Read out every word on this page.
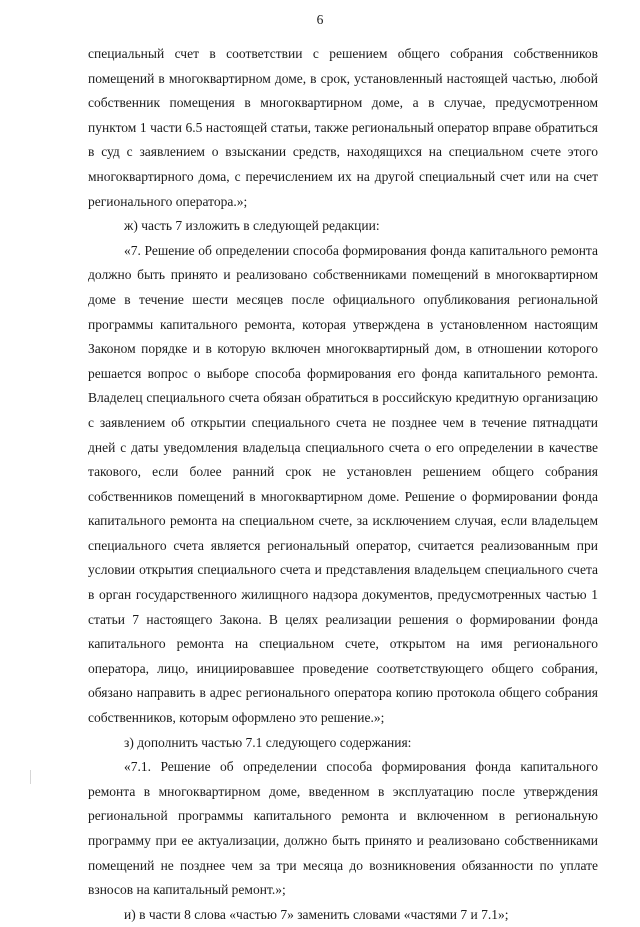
6

специальный счет в соответствии с решением общего собрания собственников помещений в многоквартирном доме, в срок, установленный настоящей частью, любой собственник помещения в многоквартирном доме, а в случае, предусмотренном пунктом 1 части 6.5 настоящей статьи, также региональный оператор вправе обратиться в суд с заявлением о взыскании средств, находящихся на специальном счете этого многоквартирного дома, с перечислением их на другой специальный счет или на счет регионального оператора.»;

ж) часть 7 изложить в следующей редакции:

«7. Решение об определении способа формирования фонда капитального ремонта должно быть принято и реализовано собственниками помещений в многоквартирном доме в течение шести месяцев после официального опубликования региональной программы капитального ремонта, которая утверждена в установленном настоящим Законом порядке и в которую включен многоквартирный дом, в отношении которого решается вопрос о выборе способа формирования его фонда капитального ремонта. Владелец специального счета обязан обратиться в российскую кредитную организацию с заявлением об открытии специального счета не позднее чем в течение пятнадцати дней с даты уведомления владельца специального счета о его определении в качестве такового, если более ранний срок не установлен решением общего собрания собственников помещений в многоквартирном доме. Решение о формировании фонда капитального ремонта на специальном счете, за исключением случая, если владельцем специального счета является региональный оператор, считается реализованным при условии открытия специального счета и представления владельцем специального счета в орган государственного жилищного надзора документов, предусмотренных частью 1 статьи 7 настоящего Закона. В целях реализации решения о формировании фонда капитального ремонта на специальном счете, открытом на имя регионального оператора, лицо, инициировавшее проведение соответствующего общего собрания, обязано направить в адрес регионального оператора копию протокола общего собрания собственников, которым оформлено это решение.»;

з) дополнить частью 7.1 следующего содержания:

«7.1. Решение об определении способа формирования фонда капитального ремонта в многоквартирном доме, введенном в эксплуатацию после утверждения региональной программы капитального ремонта и включенном в региональную программу при ее актуализации, должно быть принято и реализовано собственниками помещений не позднее чем за три месяца до возникновения обязанности по уплате взносов на капитальный ремонт.»;

и) в части 8 слова «частью 7» заменить словами «частями 7 и 7.1»;
